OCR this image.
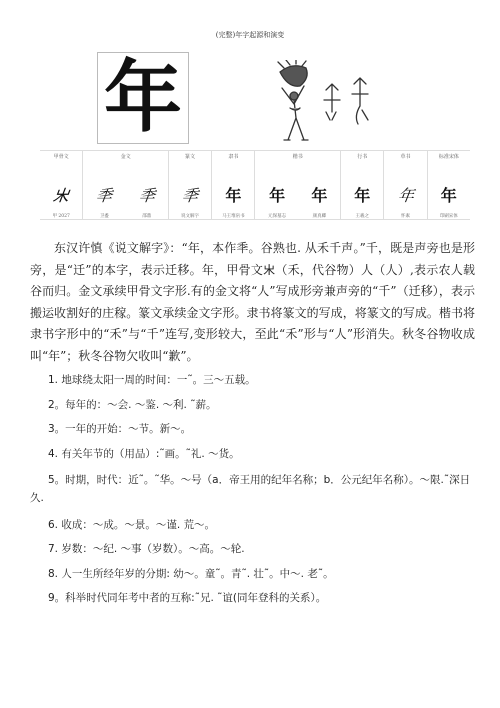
(完整)年字起源和演变
年
甲骨文
𣎵
甲 2027
金文
秊
卫盉
秊
邵鼎
篆文
秊
说文解字
隶书
年
马王堆帛书
楷书
年
元保墓志
年
颜真卿
行书
年
王羲之
草书
年
怀素
标准宋体
年
印刷宋体

东汉许慎《说文解字》：“年，本作秊。谷熟也. 从禾千声。”千，既是声旁也是形旁，是“迁”的本字，表示迁移。年，甲骨文𣎵（禾，代谷物）人（人）,表示农人载谷而归。金文承续甲骨文字形.有的金文将“人”写成形旁兼声旁的“千”（迁移），表示搬运收割好的庄稼。篆文承续金文字形。隶书将篆文的写成，将篆文的写成。楷书将隶书字形中的“禾”与“千”连写,变形较大，至此“禾”形与“人”形消失。秋冬谷物收成叫“年”；秋冬谷物欠收叫“歉”。

1. 地球绕太阳一周的时间：一˜。三～五载。
2。每年的：～会. ～鉴. ～利. ˜薪。
3。一年的开始：～节。新～。
4. 有关年节的（用品）:˜画。˜礼. ～货。
5。时期，时代：近˜。˜华。～号（a．帝王用的纪年名称；b．公元纪年名称）。～限.˜深日久.
6. 收成：～成。～景。～谨. 荒～。
7. 岁数：～纪. ～事（岁数）。～高。～轮.
8. 人一生所经年岁的分期: 幼～。童˜。青˜. 壮˜。中～. 老˜。
9。科举时代同年考中者的互称:˜兄. ˜谊(同年登科的关系）。
